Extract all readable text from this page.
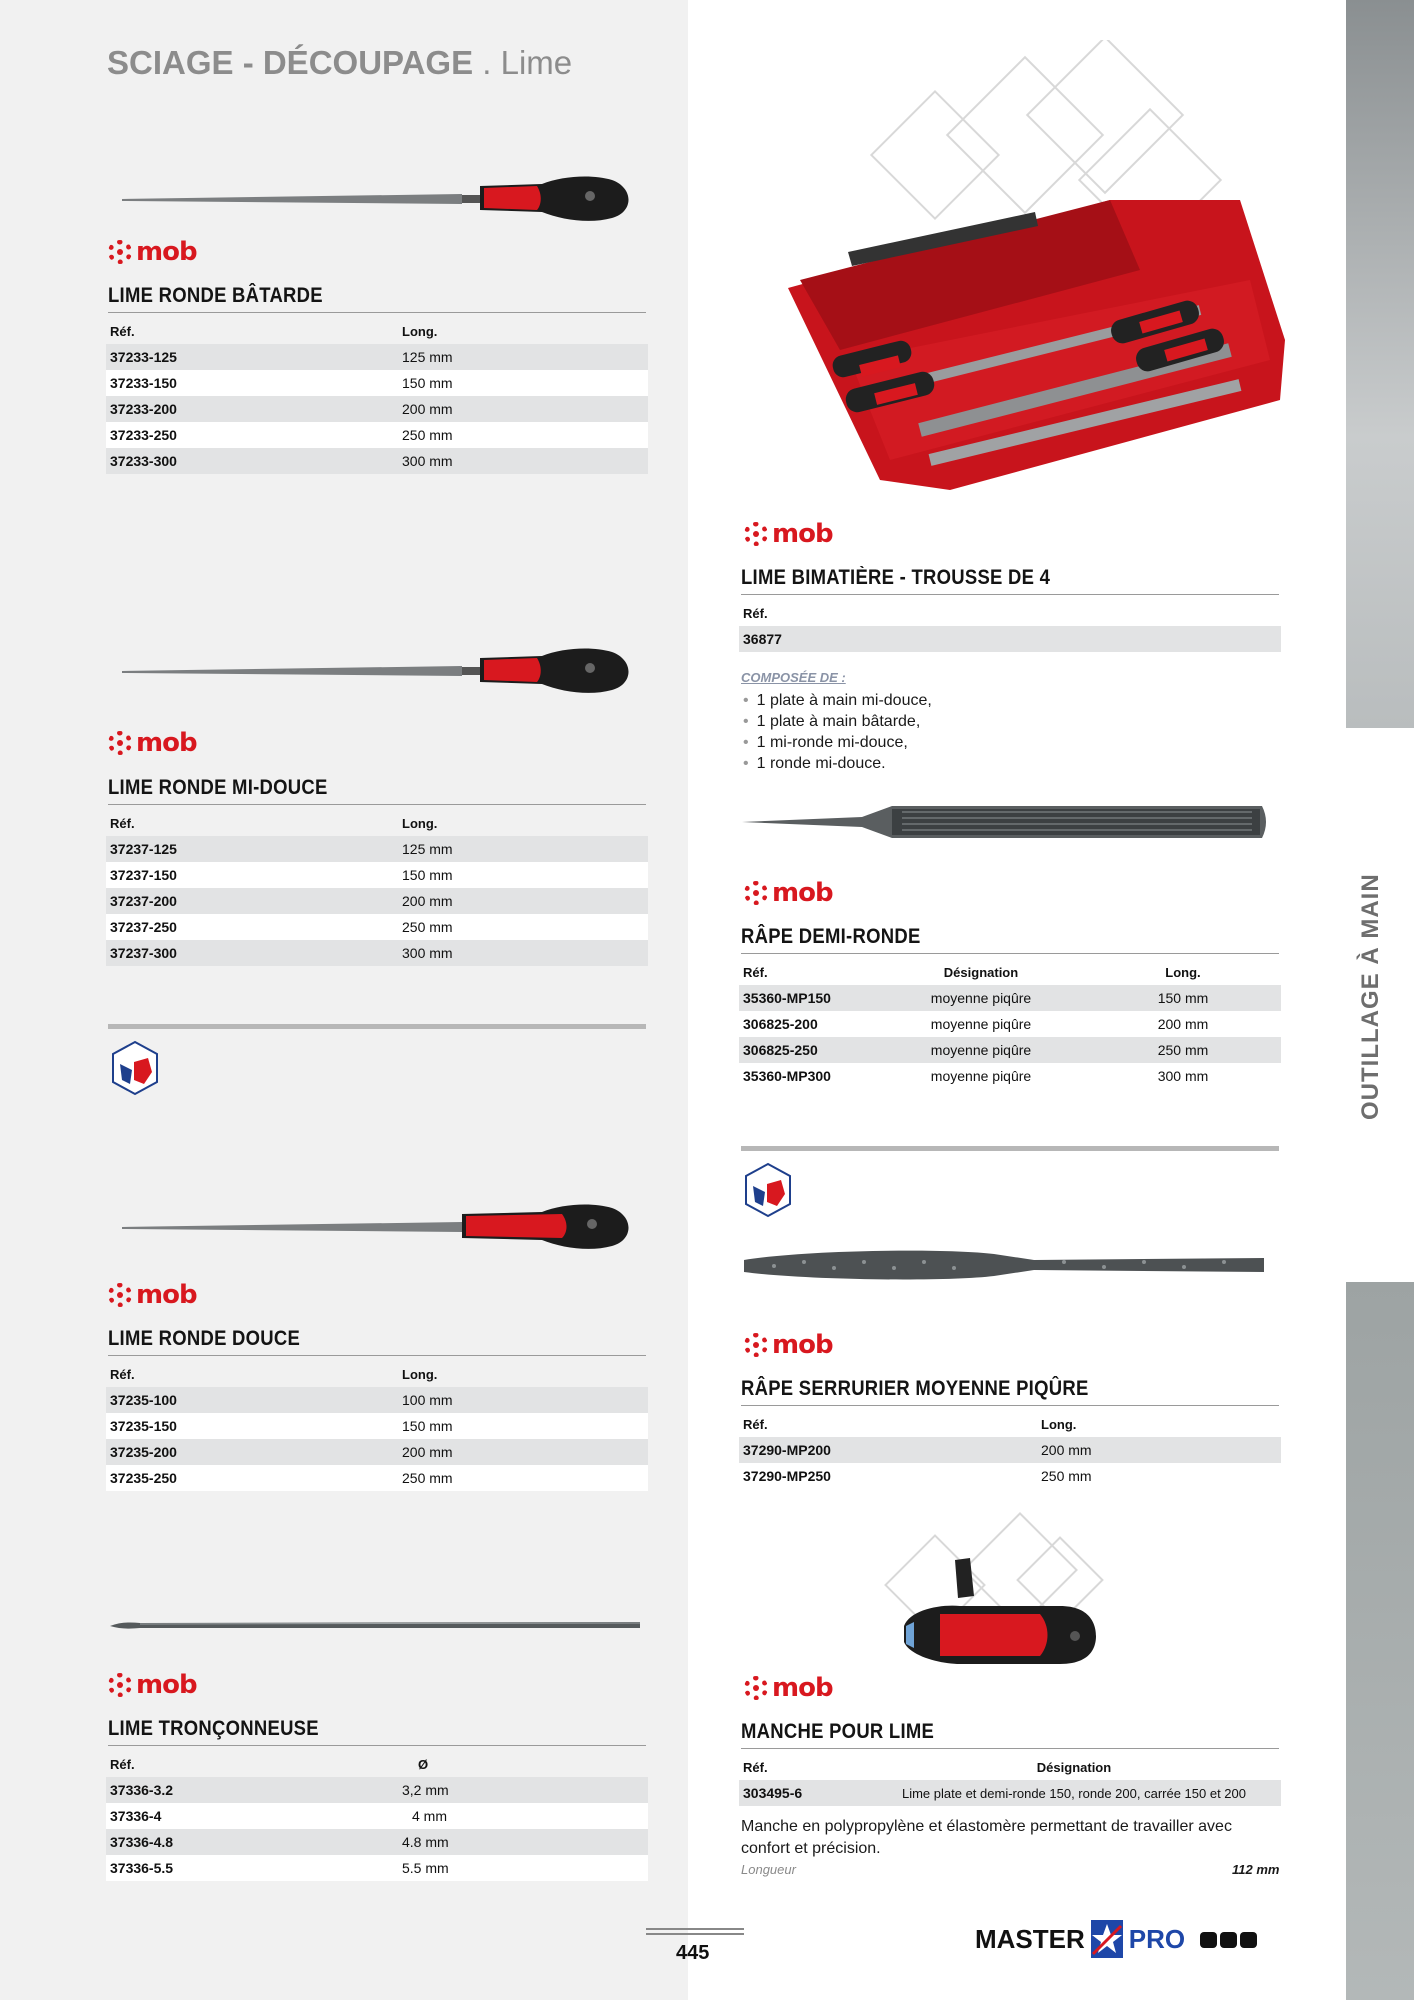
OUTILLAGE À MAIN
SCIAGE - DÉCOUPAGE . Lime
mob
LIME RONDE BÂTARDE
Réf.	Long.
37233-125	125 mm
37233-150	150 mm
37233-200	200 mm
37233-250	250 mm
37233-300	300 mm
mob
LIME RONDE MI-DOUCE
Réf.	Long.
37237-125	125 mm
37237-150	150 mm
37237-200	200 mm
37237-250	250 mm
37237-300	300 mm
mob
LIME RONDE DOUCE
Réf.	Long.
37235-100	100 mm
37235-150	150 mm
37235-200	200 mm
37235-250	250 mm
mob
LIME TRONÇONNEUSE
Réf.	Ø
37336-3.2	3,2 mm
37336-4	4 mm
37336-4.8	4.8 mm
37336-5.5	5.5 mm
mob
LIME BIMATIÈRE - TROUSSE DE 4
Réf.
36877
COMPOSÉE DE :
• 1 plate à main mi-douce,
• 1 plate à main bâtarde,
• 1 mi-ronde mi-douce,
• 1 ronde mi-douce.
mob
RÂPE DEMI-RONDE
Réf.	Désignation	Long.
35360-MP150	moyenne piqûre	150 mm
306825-200	moyenne piqûre	200 mm
306825-250	moyenne piqûre	250 mm
35360-MP300	moyenne piqûre	300 mm
mob
RÂPE SERRURIER MOYENNE PIQÛRE
Réf.	Long.
37290-MP200	200 mm
37290-MP250	250 mm
mob
MANCHE POUR LIME
Réf.	Désignation
303495-6	Lime plate et demi-ronde 150, ronde 200, carrée 150 et 200
Manche en polypropylène et élastomère permettant de travailler avec confort et précision.
Longueur	112 mm
445	MASTER PRO
